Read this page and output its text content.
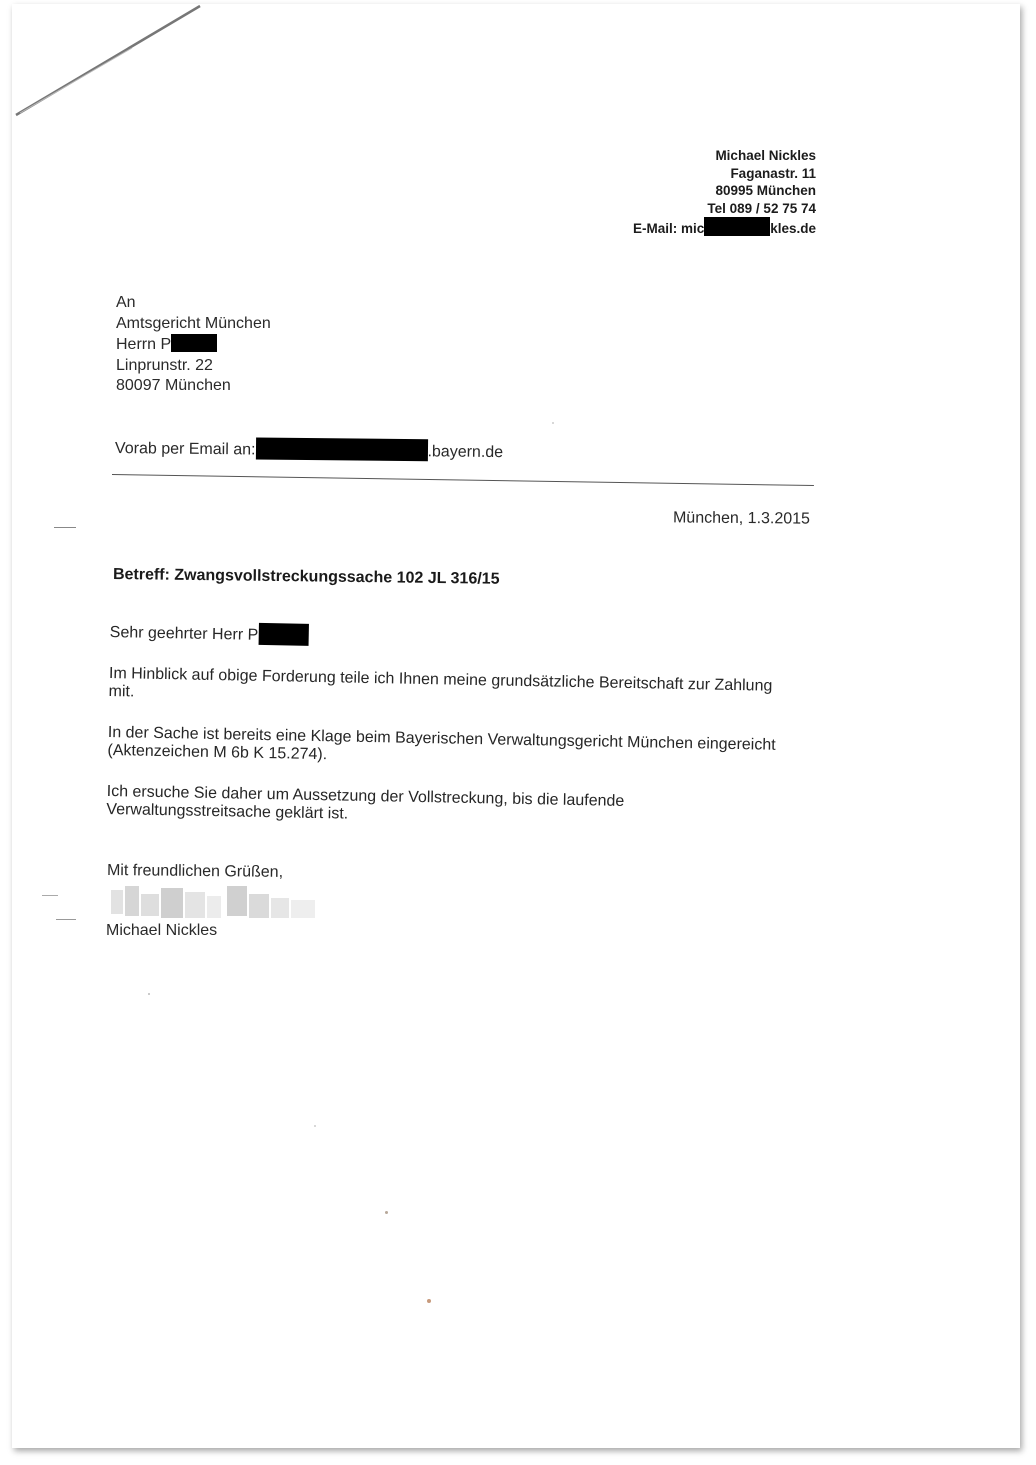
Michael Nickles
Faganastr. 11
80995 München
Tel 089 / 52 75 74
E-Mail: mic	kles.de
An
Amtsgericht München
Herrn P
Linprunstr. 22
80097 München
Vorab per Email an:	.bayern.de
München, 1.3.2015
Betreff: Zwangsvollstreckungssache 102 JL 316/15

Sehr geehrter Herr P

Im Hinblick auf obige Forderung teile ich Ihnen meine grundsätzliche Bereitschaft zur Zahlung mit.

In der Sache ist bereits eine Klage beim Bayerischen Verwaltungsgericht München eingereicht (Aktenzeichen M 6b K 15.274).

Ich ersuche Sie daher um Aussetzung der Vollstreckung, bis die laufende Verwaltungsstreitsache geklärt ist.

Mit freundlichen Grüßen,
Michael Nickles
